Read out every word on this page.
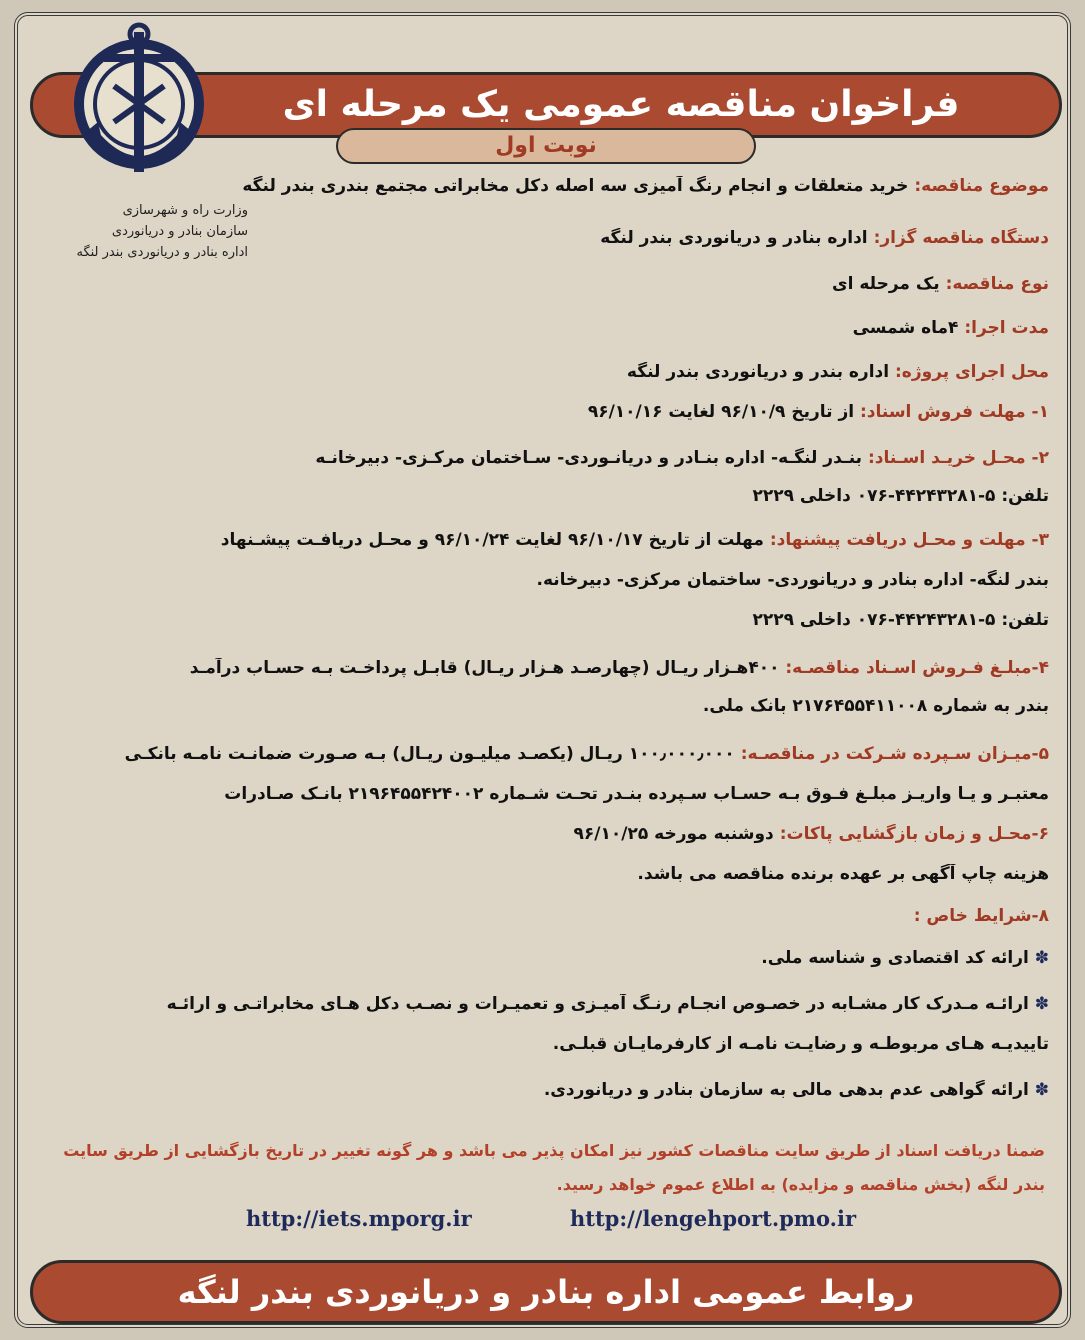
فراخوان مناقصه عمومی یک مرحله ای
نوبت اول
وزارت راه و شهرسازی
سازمان بنادر و دریانوردی
اداره بنادر و دریانوردی بندر لنگه
موضوع مناقصه: خرید متعلقات و انجام رنگ آمیزی سه اصله دکل مخابراتی مجتمع بندری بندر لنگه
دستگاه مناقصه گزار: اداره بنادر و دریانوردی بندر لنگه
نوع مناقصه: یک مرحله ای
مدت اجرا: ۴ماه شمسی
محل اجرای پروژه: اداره بندر و دریانوردی بندر لنگه
۱- مهلت فروش اسناد: از تاریخ ۹۶/۱۰/۹ لغایت ۹۶/۱۰/۱۶
۲- محـل خریـد اسـناد: بنـدر لنگـه- اداره بنـادر و دریانـوردی- سـاختمان مرکـزی- دبیرخانـه
تلفن: ۵-۴۴۲۴۳۲۸۱-۰۷۶ داخلی ۲۲۲۹
۳- مهلت و محـل دریافت پیشنهاد: مهلت از تاریخ ۹۶/۱۰/۱۷ لغایت ۹۶/۱۰/۲۴ و محـل دریافـت پیشـنهاد
بندر لنگه- اداره بنادر و دریانوردی- ساختمان مرکزی- دبیرخانه.
تلفن: ۵-۴۴۲۴۳۲۸۱-۰۷۶ داخلی ۲۲۲۹
۴-مبلـغ فـروش اسـناد مناقصـه: ۴۰۰هـزار ریـال (چهارصـد هـزار ریـال) قابـل پرداخـت بـه حسـاب درآمـد
بندر به شماره ۲۱۷۶۴۵۵۴۱۱۰۰۸ بانک ملی.
۵-میـزان سـپرده شـرکت در مناقصـه: ۱۰۰٫۰۰۰٫۰۰۰ ریـال (یکصـد میلیـون ریـال) بـه صـورت ضمانـت نامـه بانکـی
معتبـر و یـا واریـز مبلـغ فـوق بـه حسـاب سـپرده بنـدر تحـت شـماره ۲۱۹۶۴۵۵۴۲۴۰۰۲ بانـک صـادرات
۶-محـل و زمان بازگشایی پاکات: دوشنبه مورخه ۹۶/۱۰/۲۵
هزینه چاپ آگهی بر عهده برنده مناقصه می باشد.
۸-شرایط خاص :
✽ ارائه کد اقتصادی و شناسه ملی.
✽ ارائـه مـدرک کار مشـابه در خصـوص انجـام رنـگ آمیـزی و تعمیـرات و نصـب دکل هـای مخابراتـی و ارائـه
تاییدیـه هـای مربوطـه و رضایـت نامـه از کارفرمایـان قبلـی.
✽ ارائه گواهی عدم بدهی مالی به سازمان بنادر و دریانوردی.
ضمنا دریافت اسناد از طریق سایت مناقصات کشور نیز امکان پذیر می باشد و هر گونه تغییر در تاریخ بازگشایی از طریق سایت
بندر لنگه (بخش مناقصه و مزایده) به اطلاع عموم خواهد رسید.
http://iets.mporg.ir	http://lengehport.pmo.ir
روابط عمومی اداره بنادر و دریانوردی بندر لنگه
